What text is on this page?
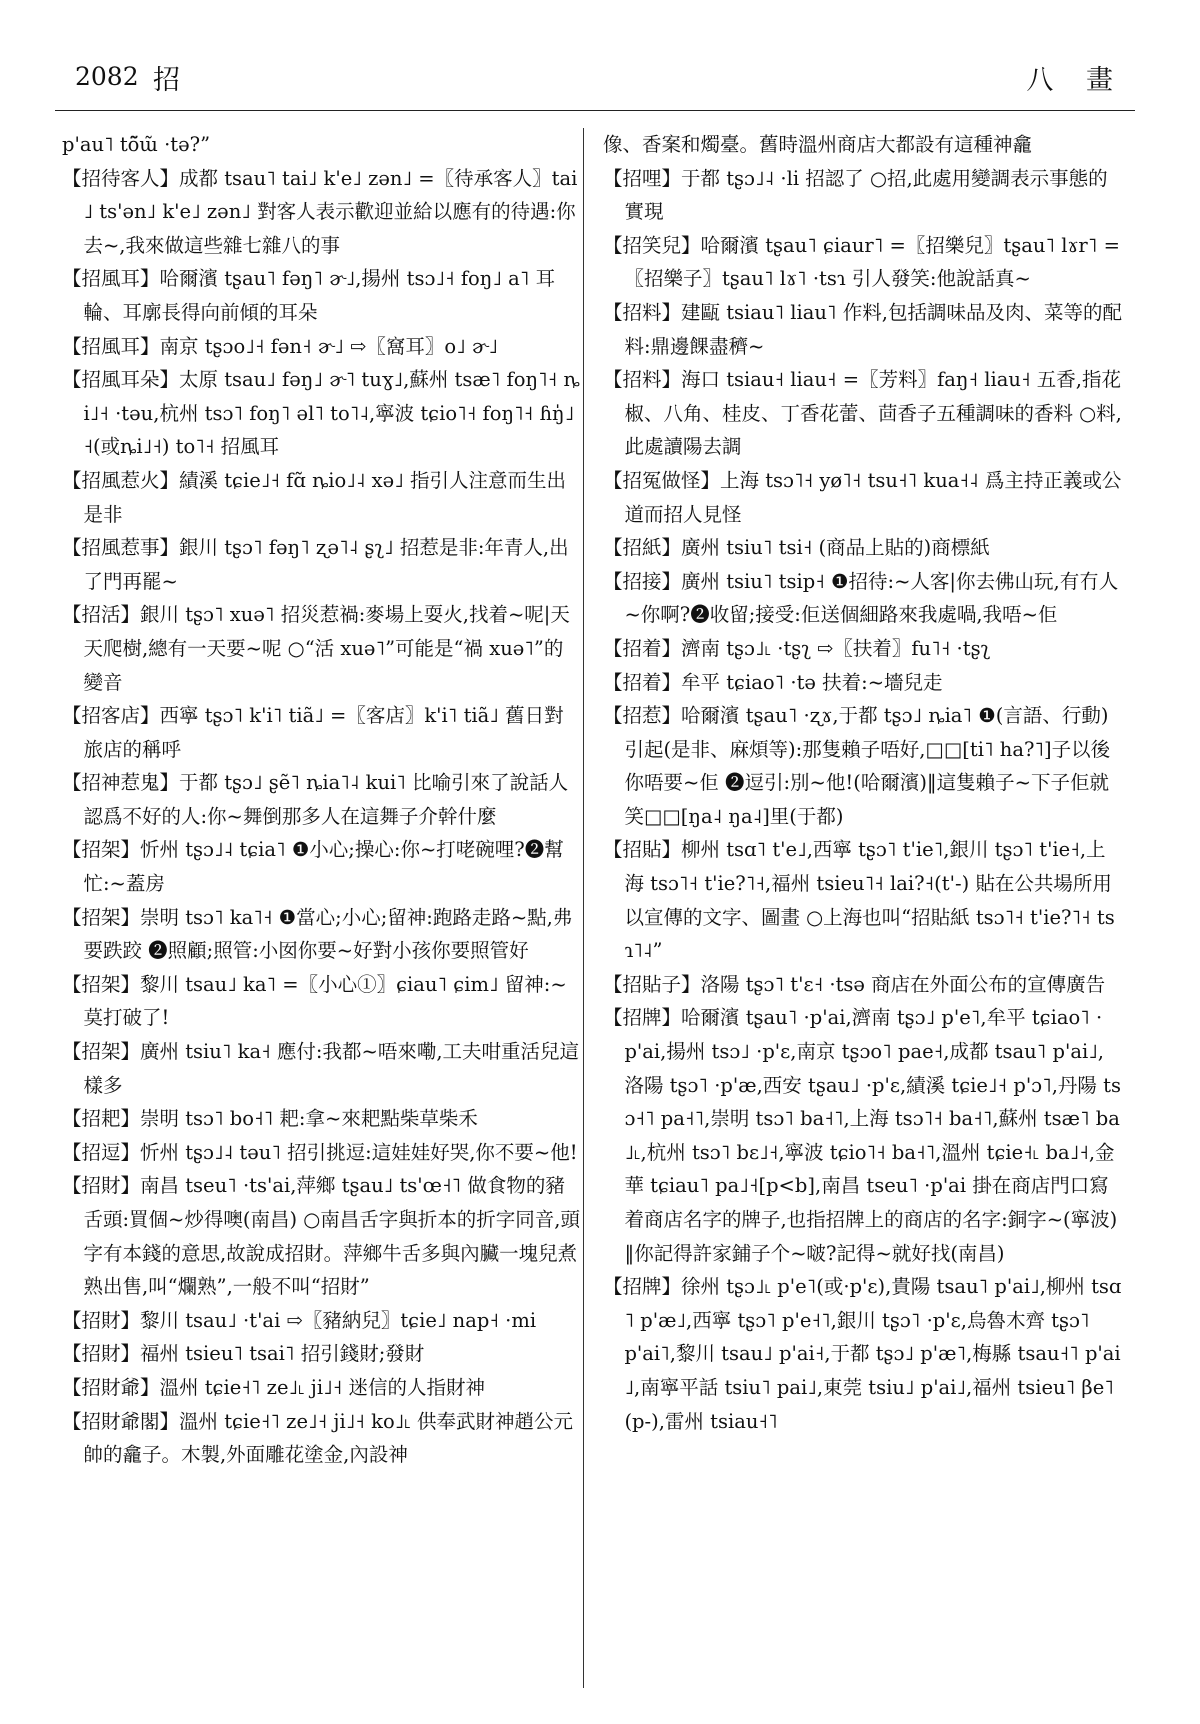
2082 招	八 畫
p'au˥ tõ̃ɯ̃ ·tə?”
【招待客人】成都 tsau˥ tai˩ k'e˩ zən˩ =〖待承客人〗tai˩ ts'ən˩ k'e˩ zən˩ 對客人表示歡迎並給以應有的待遇:你去~,我來做這些雜七雜八的事
【招風耳】哈爾濱 tʂau˥ fəŋ˥ ɚ˩,揚州 tsɔ˩˧ foŋ˩ a˥ 耳輪、耳廓長得向前傾的耳朵
【招風耳】南京 tʂɔo˩˧ fən˧ ɚ˩ ⇨〖窩耳〗o˩ ɚ˩
【招風耳朵】太原 tsau˩ fəŋ˩ ɚ˥ tuɣ˩,蘇州 tsæ˥ foŋ˥˧ ȵi˩˧ ·təu,杭州 tsɔ˥ foŋ˥ əl˥ to˥˨,寧波 tɕio˥˧ foŋ˥˧ ɦŋ̍˩˧(或ȵi˩˧) to˥˧ 招風耳
【招風惹火】績溪 tɕie˩˧ fɑ̃ ȵio˩˨ xə˩ 指引人注意而生出是非
【招風惹事】銀川 tʂɔ˥ fəŋ˥ ʐə˥˨ ʂʅ˩ 招惹是非:年青人,出了門再罷~
【招活】銀川 tʂɔ˥ xuə˥ 招災惹禍:麥場上耍火,找着~呢|天天爬樹,總有一天要~呢 ○“活 xuə˥”可能是“禍 xuə˥”的變音
【招客店】西寧 tʂɔ˥ k'i˥ tiã˩ =〖客店〗k'i˥ tiã˩ 舊日對旅店的稱呼
【招神惹鬼】于都 tʂɔ˩ ʂẽ˥ ȵia˥˨ kui˥ 比喻引來了說話人認爲不好的人:你~舞倒那多人在這舞子介幹什麼
【招架】忻州 tʂɔ˩˨ tɕia˥ ❶小心;操心:你~打咾碗哩?❷幫忙:~蓋房
【招架】崇明 tsɔ˥ ka˥˧ ❶當心;小心;留神:跑路走路~點,弗要跌跤 ❷照顧;照管:小囡你要~好對小孩你要照管好
【招架】黎川 tsau˩ ka˥ =〖小心①〗ɕiau˥ ɕim˩ 留神:~莫打破了!
【招架】廣州 tsiu˥ ka˧ 應付:我都~唔來嘞,工夫咁重活兒這樣多
【招耙】崇明 tsɔ˥ bo˧˥ 耙:拿~來耙點柴草柴禾
【招逗】忻州 tʂɔ˩˨ təu˥ 招引挑逗:這娃娃好哭,你不要~他!
【招財】南昌 tseu˥ ·ts'ai,萍鄉 tʂau˩ ts'œ˧˥ 做食物的豬舌頭:買個~炒得噢(南昌) ○南昌舌字與折本的折字同音,頭字有本錢的意思,故說成招財。萍鄉牛舌多與內臟一塊兒煮熟出售,叫“爛熟”,一般不叫“招財”
【招財】黎川 tsau˩ ·t'ai ⇨〖豬納兒〗tɕie˩ nap˧ ·mi
【招財】福州 tsieu˥ tsai˥ 招引錢財;發財
【招財爺】溫州 tɕie˧˥ ze˩˪ ji˩˧ 迷信的人指財神
【招財爺閣】溫州 tɕie˧˥ ze˩˧ ji˩˧ ko˩˪ 供奉武財神趙公元帥的龕子。木製,外面雕花塗金,內設神
像、香案和燭臺。舊時溫州商店大都設有這種神龕
【招哩】于都 tʂɔ˩˨ ·li 招認了 ○招,此處用變調表示事態的實現
【招笑兒】哈爾濱 tʂau˥ ɕiaur˥ =〖招樂兒〗tʂau˥ lɤr˥ =〖招樂子〗tʂau˥ lɤ˥ ·tsɿ 引人發笑:他說話真~
【招料】建甌 tsiau˥ liau˥ 作料,包括調味品及肉、菜等的配料:鼎邊餜盡穧~
【招料】海口 tsiau˧ liau˧ =〖芳料〗faŋ˧ liau˧ 五香,指花椒、八角、桂皮、丁香花蕾、茴香子五種調味的香料 ○料,此處讀陽去調
【招冤做怪】上海 tsɔ˥˧ yø˥˧ tsu˧˥ kua˧˨ 爲主持正義或公道而招人見怪
【招紙】廣州 tsiu˥ tsi˧ (商品上貼的)商標紙
【招接】廣州 tsiu˥ tsip˧ ❶招待:~人客|你去佛山玩,有冇人~你啊?❷收留;接受:佢送個細路來我處喎,我唔~佢
【招着】濟南 tʂɔ˩˪ ·tʂʅ ⇨〖扶着〗fu˥˧ ·tʂʅ
【招着】牟平 tɕiao˥ ·tə 扶着:~墻兒走
【招惹】哈爾濱 tʂau˥ ·ʐɤ,于都 tʂɔ˩ ȵia˥ ❶(言語、行動)引起(是非、麻煩等):那隻賴子唔好,□□[ti˥ ha?˥]子以後你唔要~佢 ❷逗引:別~他!(哈爾濱)‖這隻賴子~下子佢就笑□□[ŋa˨ ŋa˨]里(于都)
【招貼】柳州 tsɑ˥ t'e˩,西寧 tʂɔ˥ t'ie˥,銀川 tʂɔ˥ t'ie˧,上海 tsɔ˥˧ t'ie?˥˧,福州 tsieu˥˧ lai?˧(t'-) 貼在公共場所用以宣傳的文字、圖畫 ○上海也叫“招貼紙 tsɔ˥˧ t'ie?˥˧ tsɿ˥˨”
【招貼子】洛陽 tʂɔ˥ t'ɛ˧ ·tsə 商店在外面公布的宣傳廣告
【招牌】哈爾濱 tʂau˥ ·p'ai,濟南 tʂɔ˩ p'e˥,牟平 tɕiao˥ ·p'ai,揚州 tsɔ˩ ·p'ɛ,南京 tʂɔo˥ pae˧,成都 tsau˥ p'ai˩,洛陽 tʂɔ˥ ·p'æ,西安 tʂau˩ ·p'ɛ,績溪 tɕie˩˧ p'ɔ˥,丹陽 tsɔ˧˥ pa˧˥,崇明 tsɔ˥ ba˧˥,上海 tsɔ˥˧ ba˧˥,蘇州 tsæ˥ ba˩˪,杭州 tsɔ˥ bɛ˩˧,寧波 tɕio˥˧ ba˧˥,溫州 tɕie˧˪ ba˩˧,金華 tɕiau˥ pa˩˧[p<b],南昌 tseu˥ ·p'ai 掛在商店門口寫着商店名字的牌子,也指招牌上的商店的名字:銅字~(寧波)‖你記得許家鋪子个~啵?記得~就好找(南昌)
【招牌】徐州 tʂɔ˩˪ p'e˥(或·p'ɛ),貴陽 tsau˥ p'ai˩,柳州 tsɑ˥ p'æ˩,西寧 tʂɔ˥ p'e˧˥,銀川 tʂɔ˥ ·p'ɛ,烏魯木齊 tʂɔ˥ p'ai˥,黎川 tsau˩ p'ai˧,于都 tʂɔ˩ p'æ˥,梅縣 tsau˧˥ p'ai˩,南寧平話 tsiu˥ pai˩,東莞 tsiu˩ p'ai˩,福州 tsieu˥ βe˥(p-),雷州 tsiau˧˥
